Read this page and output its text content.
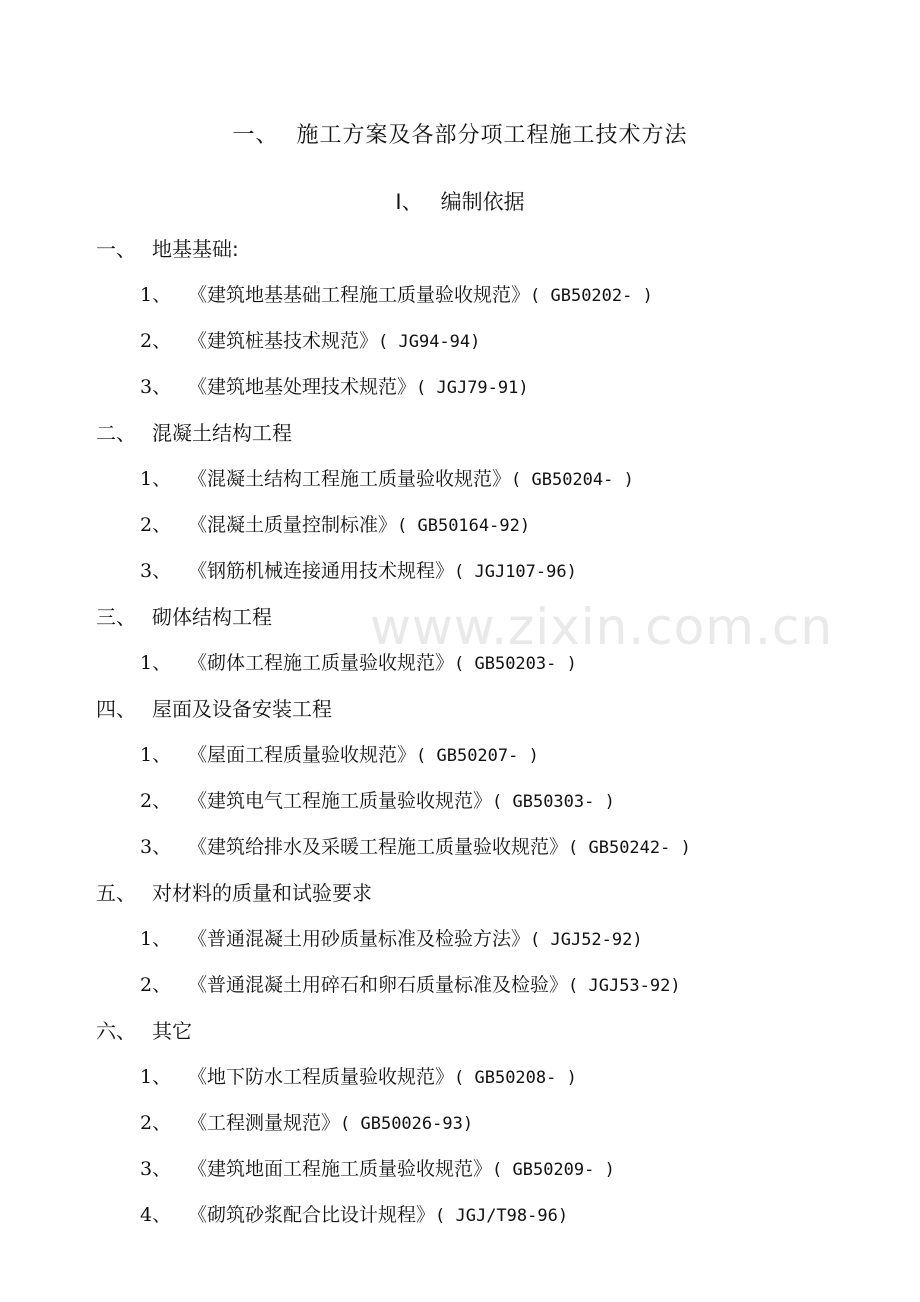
www.zixin.com.cn
一、 施工方案及各部分项工程施工技术方法
I、 编制依据
一、 地基基础:
1、 《建筑地基基础工程施工质量验收规范》( GB50202- )
2、 《建筑桩基技术规范》( JG94-94)
3、 《建筑地基处理技术规范》( JGJ79-91)
二、 混凝土结构工程
1、 《混凝土结构工程施工质量验收规范》( GB50204- )
2、 《混凝土质量控制标准》( GB50164-92)
3、 《钢筋机械连接通用技术规程》( JGJ107-96)
三、 砌体结构工程
1、 《砌体工程施工质量验收规范》( GB50203- )
四、 屋面及设备安装工程
1、 《屋面工程质量验收规范》( GB50207- )
2、 《建筑电气工程施工质量验收规范》( GB50303- )
3、 《建筑给排水及采暖工程施工质量验收规范》( GB50242- )
五、 对材料的质量和试验要求
1、 《普通混凝土用砂质量标准及检验方法》( JGJ52-92)
2、 《普通混凝土用碎石和卵石质量标准及检验》( JGJ53-92)
六、 其它
1、 《地下防水工程质量验收规范》( GB50208- )
2、 《工程测量规范》( GB50026-93)
3、 《建筑地面工程施工质量验收规范》( GB50209- )
4、 《砌筑砂浆配合比设计规程》( JGJ/T98-96)
